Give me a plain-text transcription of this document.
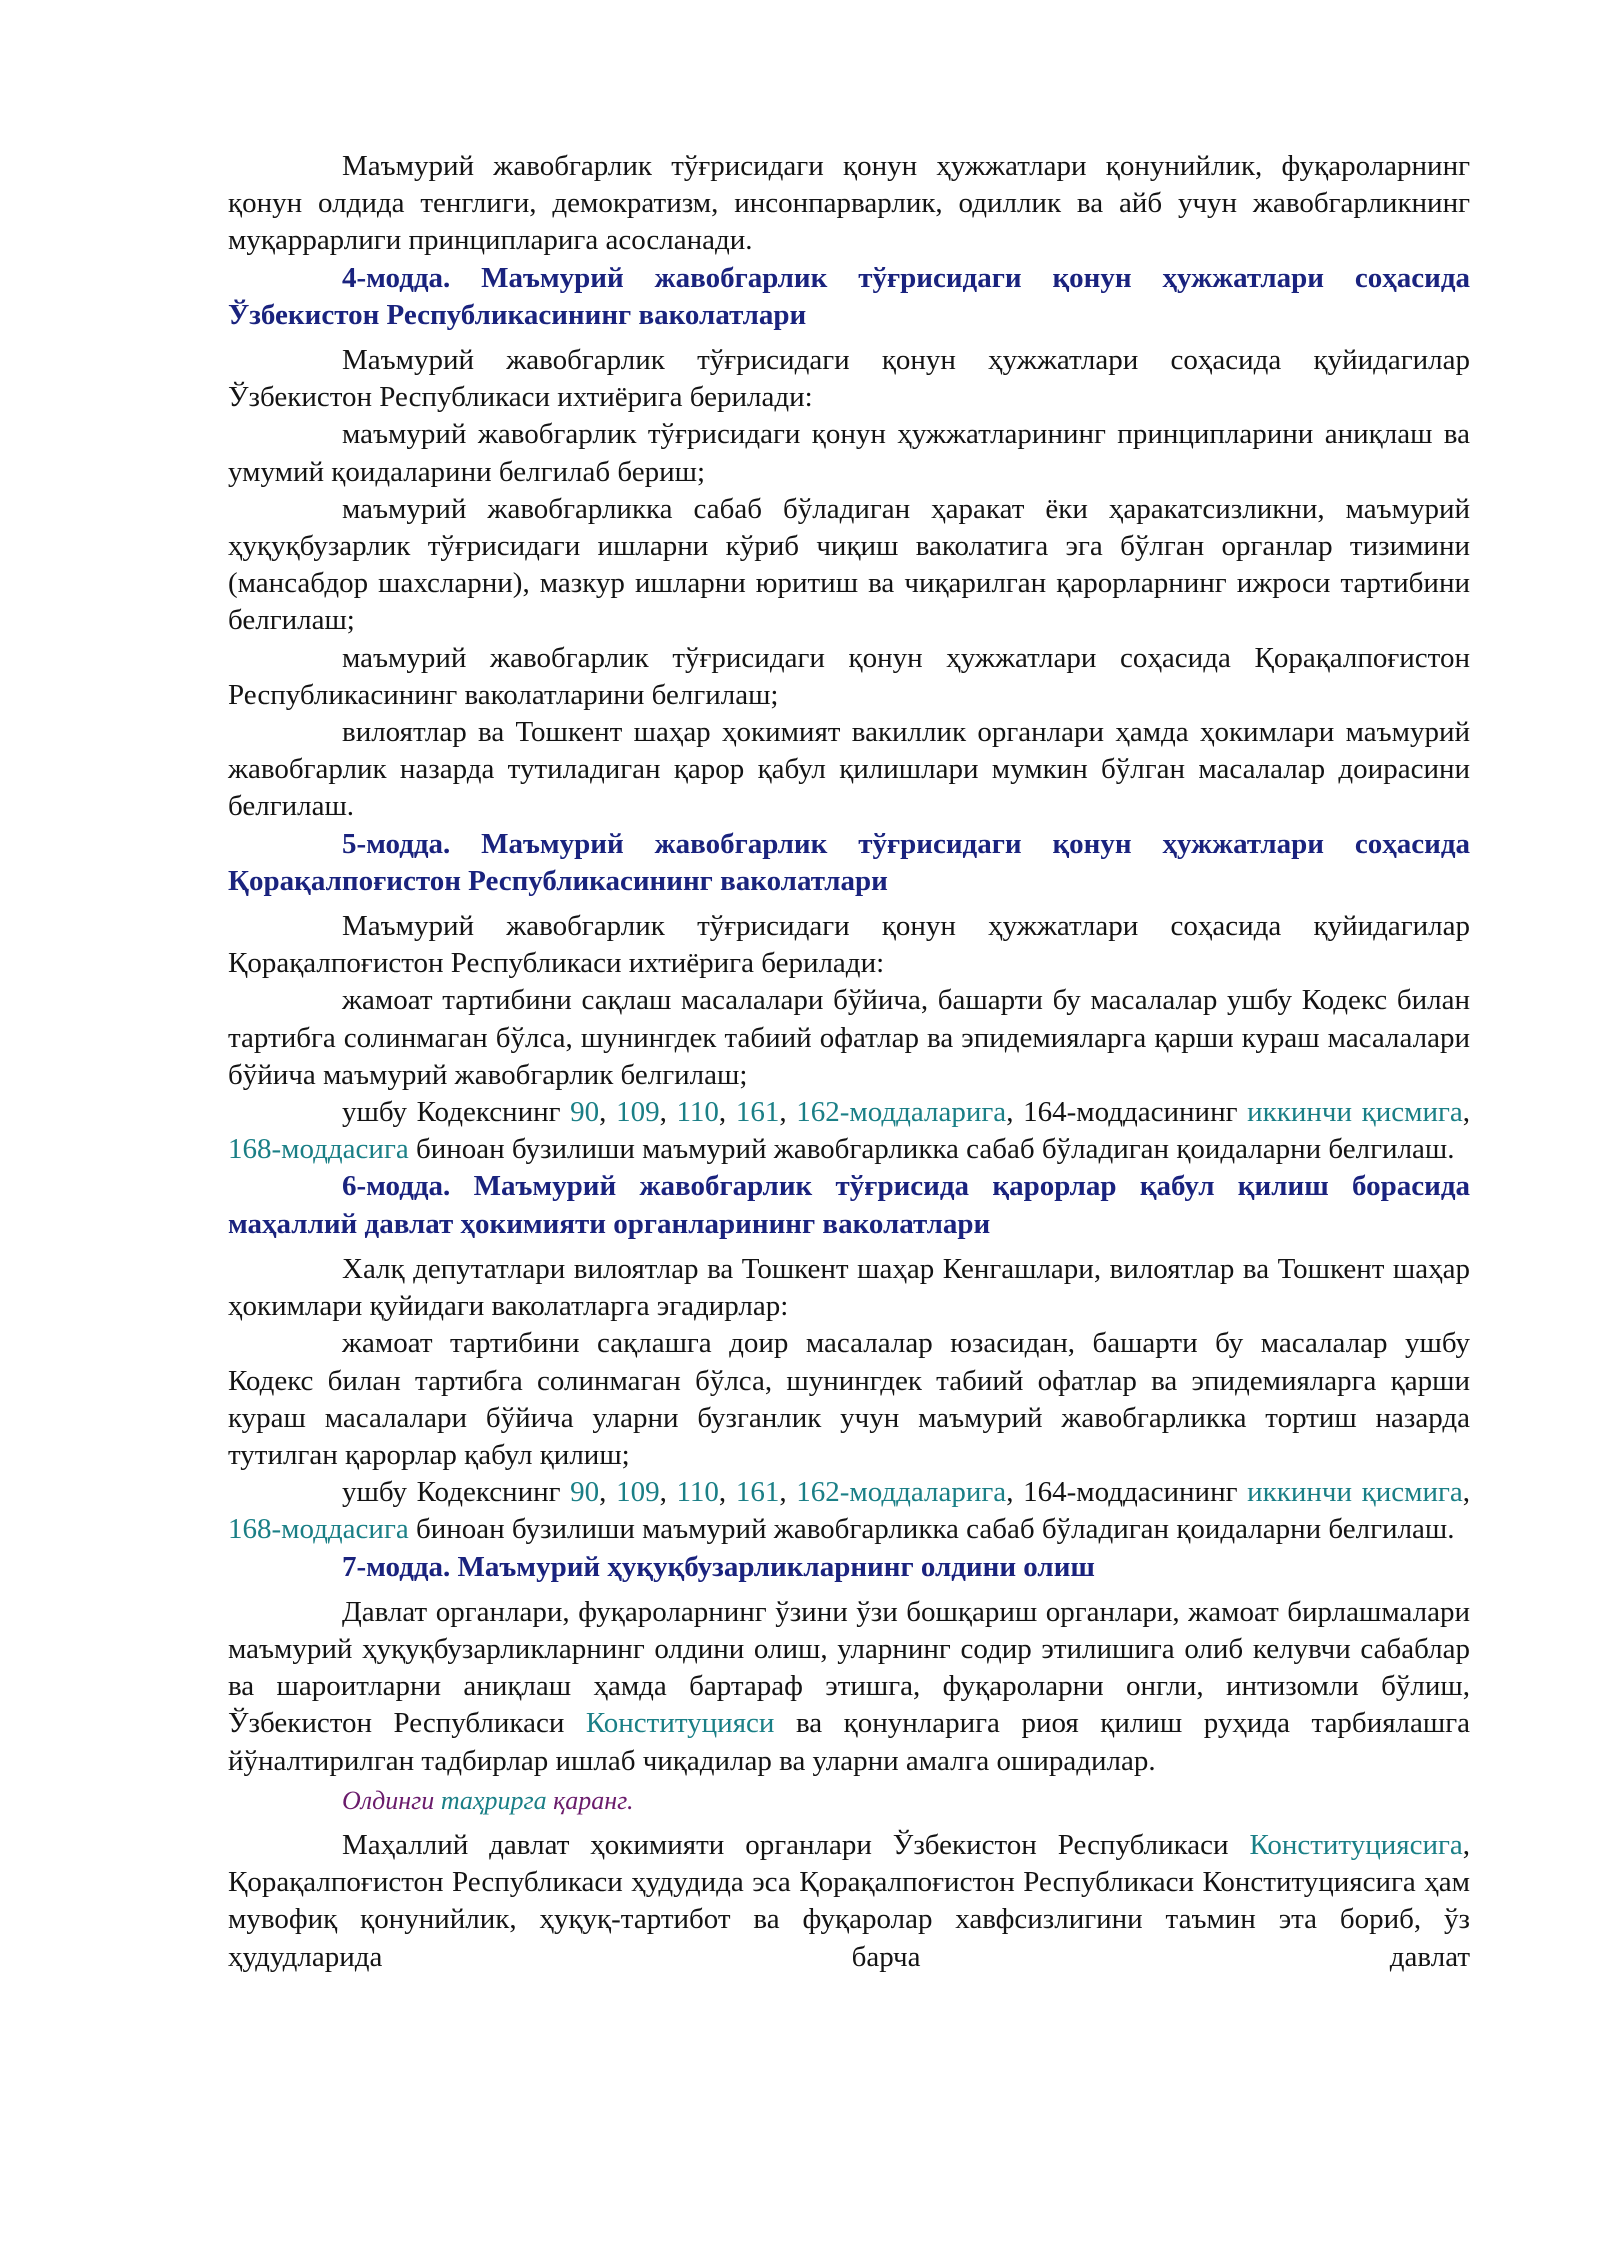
Маъмурий жавобгарлик тўғрисидаги қонун ҳужжатлари қонунийлик, фуқароларнинг қонун олдида тенглиги, демократизм, инсонпарварлик, одиллик ва айб учун жавобгарликнинг муқаррарлиги принципларига асосланади.

4-модда. Маъмурий жавобгарлик тўғрисидаги қонун ҳужжатлари соҳасида Ўзбекистон Республикасининг ваколатлари

Маъмурий жавобгарлик тўғрисидаги қонун ҳужжатлари соҳасида қуйидагилар Ўзбекистон Республикаси ихтиёрига берилади:

маъмурий жавобгарлик тўғрисидаги қонун ҳужжатларининг принципларини аниқлаш ва умумий қоидаларини белгилаб бериш;

маъмурий жавобгарликка сабаб бўладиган ҳаракат ёки ҳаракатсизликни, маъмурий ҳуқуқбузарлик тўғрисидаги ишларни кўриб чиқиш ваколатига эга бўлган органлар тизимини (мансабдор шахсларни), мазкур ишларни юритиш ва чиқарилган қарорларнинг ижроси тартибини белгилаш;

маъмурий жавобгарлик тўғрисидаги қонун ҳужжатлари соҳасида Қорақалпоғистон Республикасининг ваколатларини белгилаш;

вилоятлар ва Тошкент шаҳар ҳокимият вакиллик органлари ҳамда ҳокимлари маъмурий жавобгарлик назарда тутиладиган қарор қабул қилишлари мумкин бўлган масалалар доирасини белгилаш.

5-модда. Маъмурий жавобгарлик тўғрисидаги қонун ҳужжатлари соҳасида Қорақалпоғистон Республикасининг ваколатлари

Маъмурий жавобгарлик тўғрисидаги қонун ҳужжатлари соҳасида қуйидагилар Қорақалпоғистон Республикаси ихтиёрига берилади:

жамоат тартибини сақлаш масалалари бўйича, башарти бу масалалар ушбу Кодекс билан тартибга солинмаган бўлса, шунингдек табиий офатлар ва эпидемияларга қарши кураш масалалари бўйича маъмурий жавобгарлик белгилаш;

ушбу Кодекснинг 90, 109, 110, 161, 162-моддаларига, 164-моддасининг иккинчи қисмига, 168-моддасига биноан бузилиши маъмурий жавобгарликка сабаб бўладиган қоидаларни белгилаш.

6-модда. Маъмурий жавобгарлик тўғрисида қарорлар қабул қилиш борасида маҳаллий давлат ҳокимияти органларининг ваколатлари

Халқ депутатлари вилоятлар ва Тошкент шаҳар Кенгашлари, вилоятлар ва Тошкент шаҳар ҳокимлари қуйидаги ваколатларга эгадирлар:

жамоат тартибини сақлашга доир масалалар юзасидан, башарти бу масалалар ушбу Кодекс билан тартибга солинмаган бўлса, шунингдек табиий офатлар ва эпидемияларга қарши кураш масалалари бўйича уларни бузганлик учун маъмурий жавобгарликка тортиш назарда тутилган қарорлар қабул қилиш;

ушбу Кодекснинг 90, 109, 110, 161, 162-моддаларига, 164-моддасининг иккинчи қисмига, 168-моддасига биноан бузилиши маъмурий жавобгарликка сабаб бўладиган қоидаларни белгилаш.

7-модда. Маъмурий ҳуқуқбузарликларнинг олдини олиш

Давлат органлари, фуқароларнинг ўзини ўзи бошқариш органлари, жамоат бирлашмалари маъмурий ҳуқуқбузарликларнинг олдини олиш, уларнинг содир этилишига олиб келувчи сабаблар ва шароитларни аниқлаш ҳамда бартараф этишга, фуқароларни онгли, интизомли бўлиш, Ўзбекистон Республикаси Конституцияси ва қонунларига риоя қилиш руҳида тарбиялашга йўналтирилган тадбирлар ишлаб чиқадилар ва уларни амалга оширадилар.

Олдинги таҳрирга қаранг.

Маҳаллий давлат ҳокимияти органлари Ўзбекистон Республикаси Конституциясига, Қорақалпоғистон Республикаси ҳудудида эса Қорақалпоғистон Республикаси Конституциясига ҳам мувофиқ қонунийлик, ҳуқуқ-тартибот ва фуқаролар хавфсизлигини таъмин эта бориб, ўз ҳудудларида барча давлат
